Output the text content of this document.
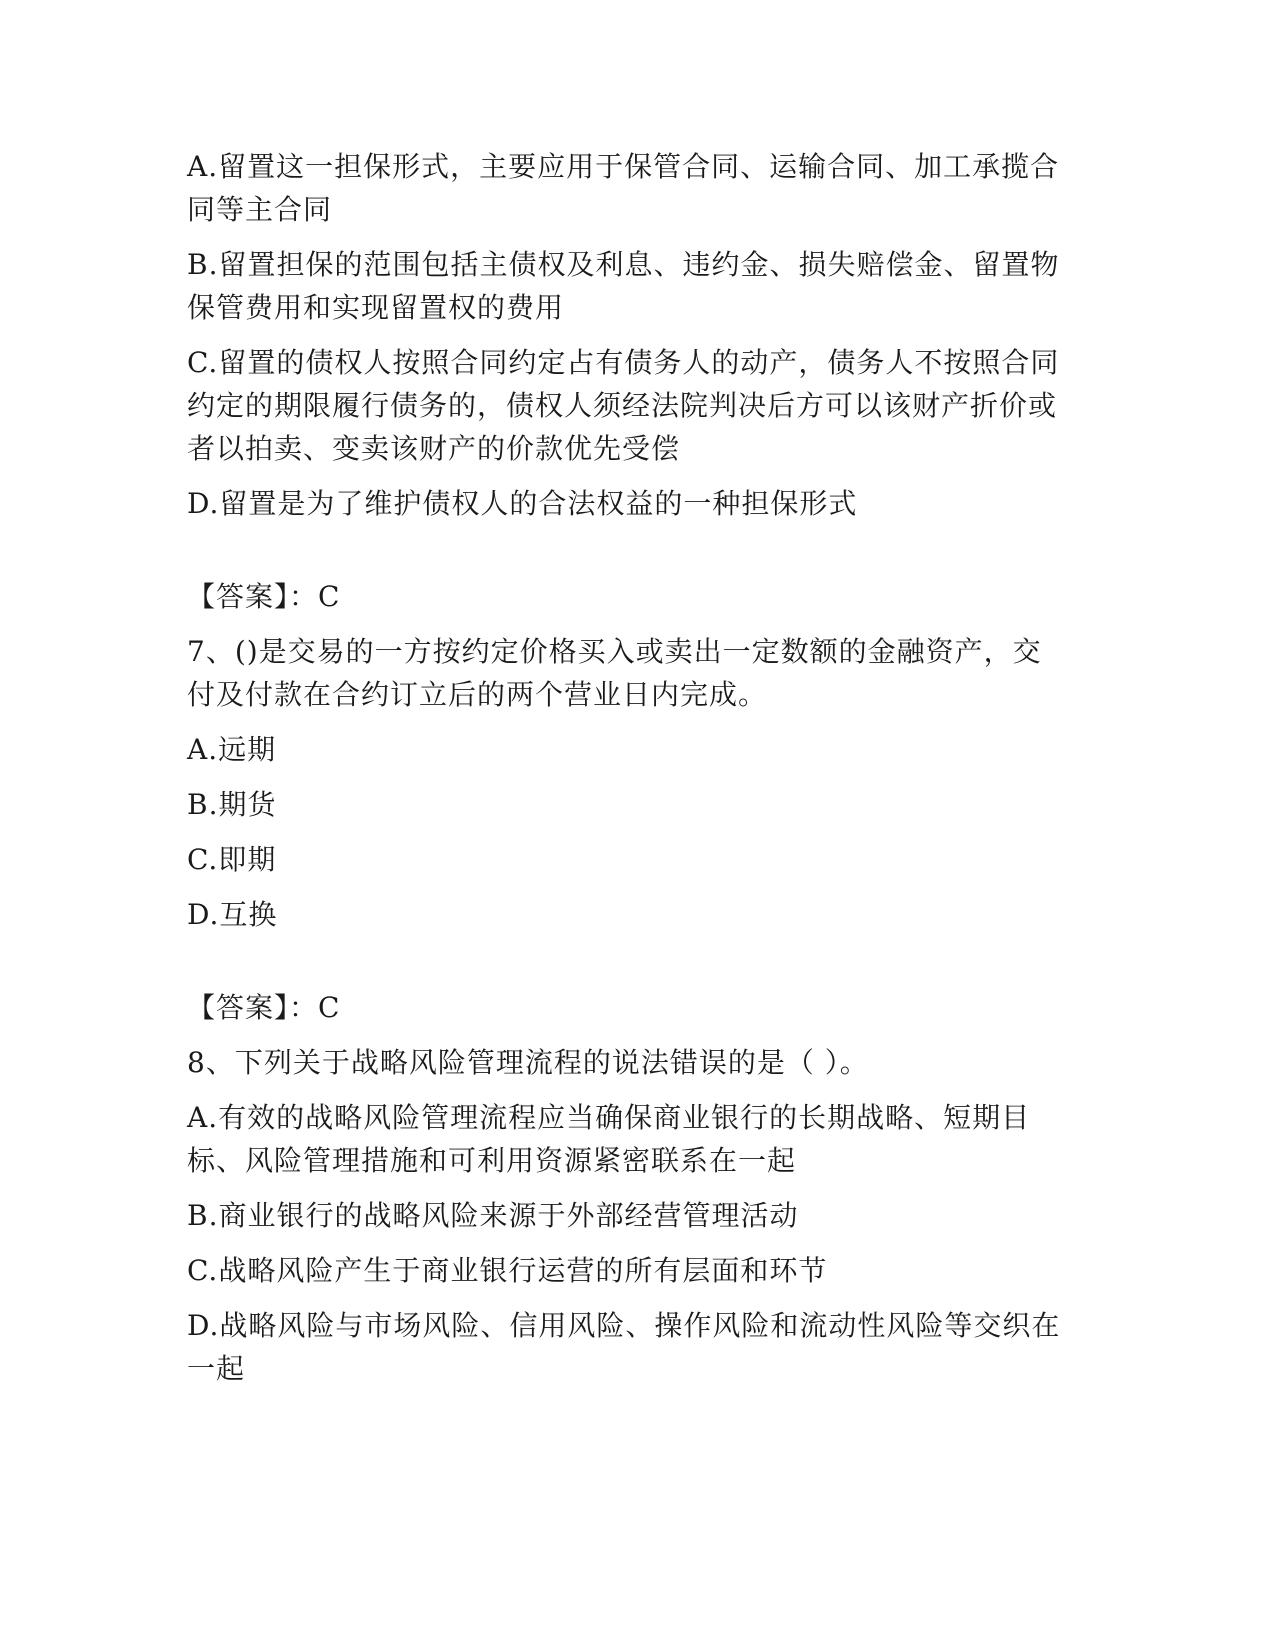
A.留置这一担保形式，主要应用于保管合同、运输合同、加工承揽合同等主合同

B.留置担保的范围包括主债权及利息、违约金、损失赔偿金、留置物保管费用和实现留置权的费用

C.留置的债权人按照合同约定占有债务人的动产，债务人不按照合同约定的期限履行债务的，债权人须经法院判决后方可以该财产折价或者以拍卖、变卖该财产的价款优先受偿

D.留置是为了维护债权人的合法权益的一种担保形式

【答案】：C

7、()是交易的一方按约定价格买入或卖出一定数额的金融资产，交付及付款在合约订立后的两个营业日内完成。

A.远期

B.期货

C.即期

D.互换

【答案】：C

8、下列关于战略风险管理流程的说法错误的是（ ）。

A.有效的战略风险管理流程应当确保商业银行的长期战略、短期目标、风险管理措施和可利用资源紧密联系在一起

B.商业银行的战略风险来源于外部经营管理活动

C.战略风险产生于商业银行运营的所有层面和环节

D.战略风险与市场风险、信用风险、操作风险和流动性风险等交织在一起
